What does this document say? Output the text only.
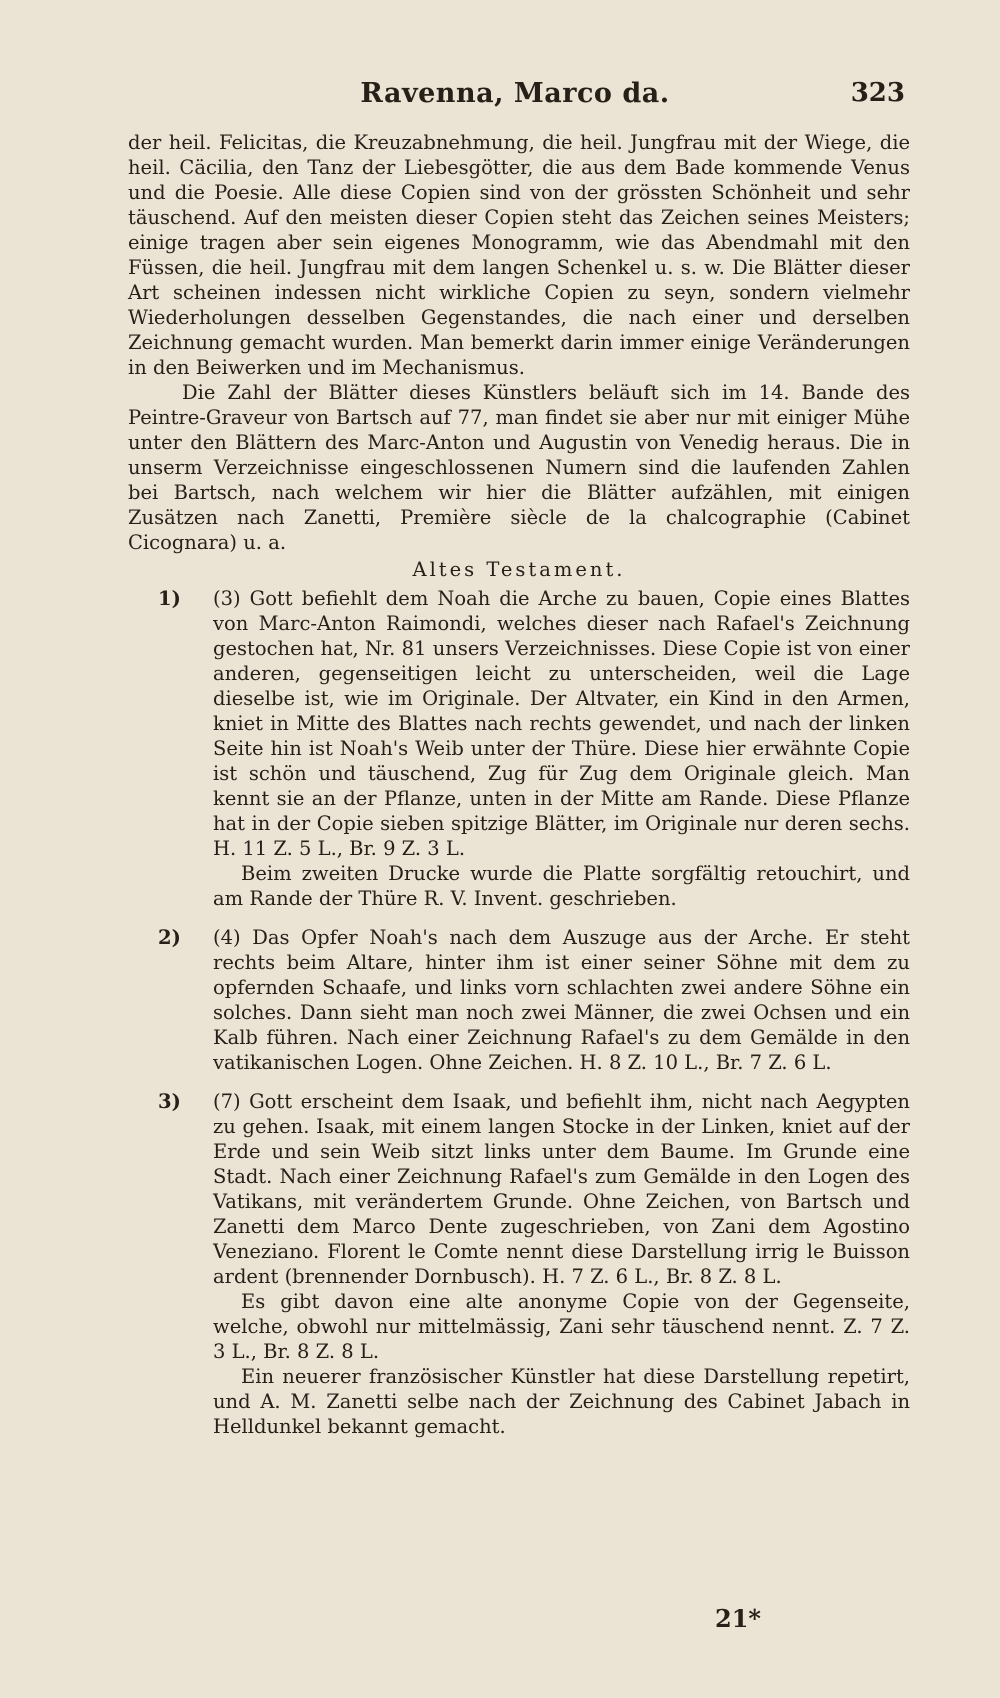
Ravenna, Marco da.	323

der heil. Felicitas, die Kreuzabnehmung, die heil. Jungfrau mit der Wiege, die heil. Cäcilia, den Tanz der Liebesgötter, die aus dem Bade kommende Venus und die Poesie. Alle diese Copien sind von der grössten Schönheit und sehr täuschend. Auf den meisten dieser Copien steht das Zeichen seines Meisters; einige tragen aber sein eigenes Monogramm, wie das Abendmahl mit den Füssen, die heil. Jungfrau mit dem langen Schenkel u. s. w. Die Blätter dieser Art scheinen indessen nicht wirkliche Copien zu seyn, sondern vielmehr Wiederholungen desselben Gegenstandes, die nach einer und derselben Zeichnung gemacht wurden. Man bemerkt darin immer einige Veränderungen in den Beiwerken und im Mechanismus.

Die Zahl der Blätter dieses Künstlers beläuft sich im 14. Bande des Peintre-Graveur von Bartsch auf 77, man findet sie aber nur mit einiger Mühe unter den Blättern des Marc-Anton und Augustin von Venedig heraus. Die in unserm Verzeichnisse eingeschlossenen Numern sind die laufenden Zahlen bei Bartsch, nach welchem wir hier die Blätter aufzählen, mit einigen Zusätzen nach Zanetti, Première siècle de la chalcographie (Cabinet Cicognara) u. a.

Altes Testament.

1) (3) Gott befiehlt dem Noah die Arche zu bauen, Copie eines Blattes von Marc-Anton Raimondi, welches dieser nach Rafael's Zeichnung gestochen hat, Nr. 81 unsers Verzeichnisses. Diese Copie ist von einer anderen, gegenseitigen leicht zu unterscheiden, weil die Lage dieselbe ist, wie im Originale. Der Altvater, ein Kind in den Armen, kniet in Mitte des Blattes nach rechts gewendet, und nach der linken Seite hin ist Noah's Weib unter der Thüre. Diese hier erwähnte Copie ist schön und täuschend, Zug für Zug dem Originale gleich. Man kennt sie an der Pflanze, unten in der Mitte am Rande. Diese Pflanze hat in der Copie sieben spitzige Blätter, im Originale nur deren sechs. H. 11 Z. 5 L., Br. 9 Z. 3 L.

Beim zweiten Drucke wurde die Platte sorgfältig retouchirt, und am Rande der Thüre R. V. Invent. geschrieben.

2) (4) Das Opfer Noah's nach dem Auszuge aus der Arche. Er steht rechts beim Altare, hinter ihm ist einer seiner Söhne mit dem zu opfernden Schaafe, und links vorn schlachten zwei andere Söhne ein solches. Dann sieht man noch zwei Männer, die zwei Ochsen und ein Kalb führen. Nach einer Zeichnung Rafael's zu dem Gemälde in den vatikanischen Logen. Ohne Zeichen. H. 8 Z. 10 L., Br. 7 Z. 6 L.

3) (7) Gott erscheint dem Isaak, und befiehlt ihm, nicht nach Aegypten zu gehen. Isaak, mit einem langen Stocke in der Linken, kniet auf der Erde und sein Weib sitzt links unter dem Baume. Im Grunde eine Stadt. Nach einer Zeichnung Rafael's zum Gemälde in den Logen des Vatikans, mit verändertem Grunde. Ohne Zeichen, von Bartsch und Zanetti dem Marco Dente zugeschrieben, von Zani dem Agostino Veneziano. Florent le Comte nennt diese Darstellung irrig le Buisson ardent (brennender Dornbusch). H. 7 Z. 6 L., Br. 8 Z. 8 L.

Es gibt davon eine alte anonyme Copie von der Gegenseite, welche, obwohl nur mittelmässig, Zani sehr täuschend nennt. Z. 7 Z. 3 L., Br. 8 Z. 8 L.

Ein neuerer französischer Künstler hat diese Darstellung repetirt, und A. M. Zanetti selbe nach der Zeichnung des Cabinet Jabach in Helldunkel bekannt gemacht.

21*
